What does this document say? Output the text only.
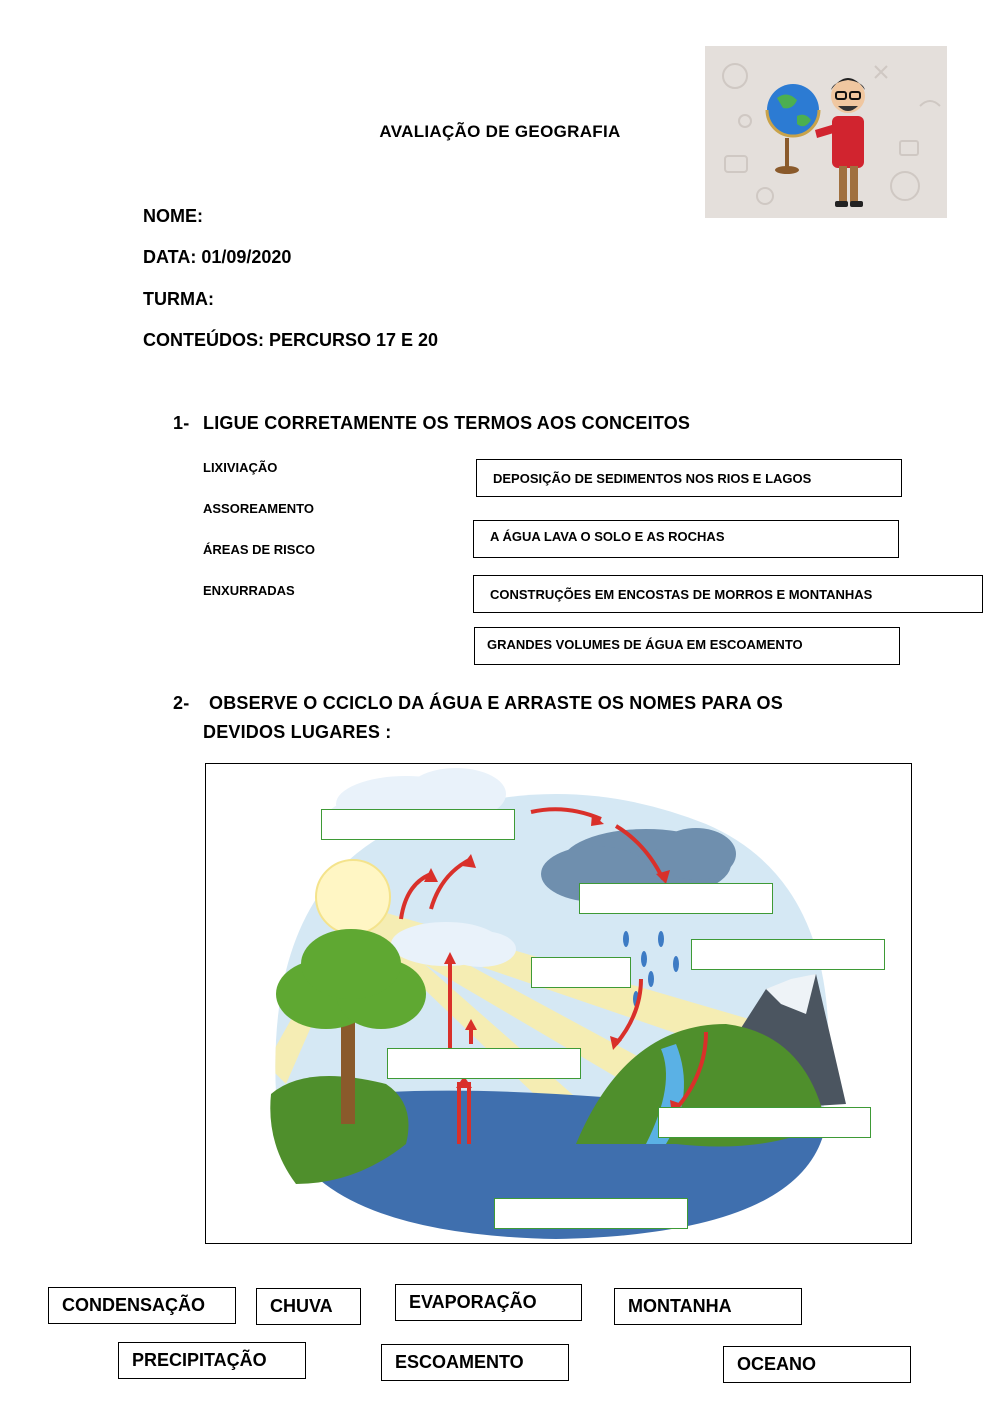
AVALIAÇÃO DE GEOGRAFIA
NOME:
DATA: 01/09/2020
TURMA:
CONTEÚDOS: PERCURSO 17 E 20
1- LIGUE CORRETAMENTE OS TERMOS AOS CONCEITOS
LIXIVIAÇÃO
ASSOREAMENTO
ÁREAS DE RISCO
ENXURRADAS
DEPOSIÇÃO DE SEDIMENTOS NOS RIOS E LAGOS
A ÁGUA LAVA O SOLO E AS ROCHAS
CONSTRUÇÕES EM ENCOSTAS DE MORROS E MONTANHAS
GRANDES VOLUMES DE ÁGUA EM ESCOAMENTO
2- OBSERVE O CCICLO DA ÁGUA E ARRASTE OS NOMES PARA OS
DEVIDOS LUGARES :
CONDENSAÇÃO	CHUVA	EVAPORAÇÃO	MONTANHA
PRECIPITAÇÃO	ESCOAMENTO	OCEANO
